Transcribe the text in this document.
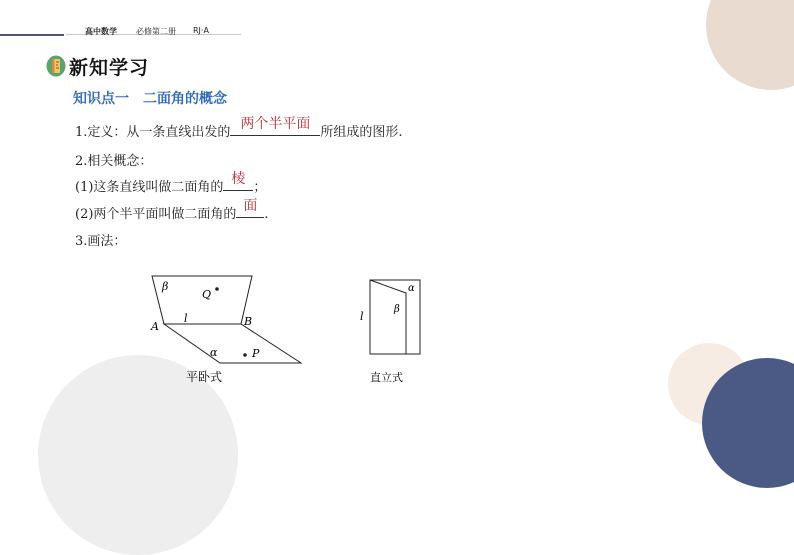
高中数学 必修第二册 RJ·A
新知学习
知识点一 二面角的概念
1.定义：从一条直线出发的
两个半平面
所组成的图形.
2.相关概念：
(1)这条直线叫做二面角的
棱
；
(2)两个半平面叫做二面角的
面
.
3.画法：
β
Q
l
A	B
α	P
平卧式
α
β
l
直立式
